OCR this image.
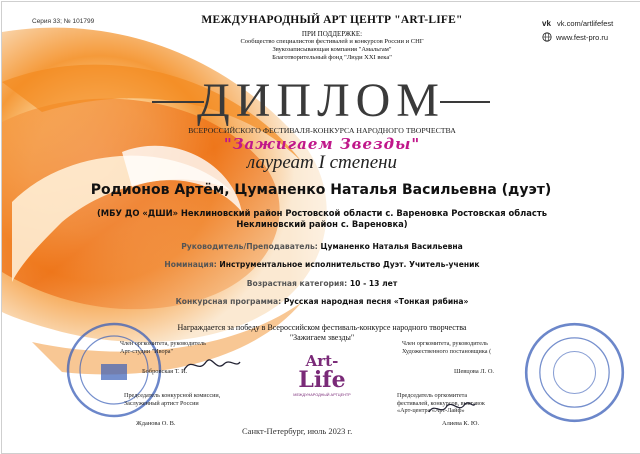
Серия 33; № 101799	МЕЖДУНАРОДНЫЙ АРТ ЦЕНТР "ART-LIFE"
ПРИ ПОДДЕРЖКЕ:
Сообщество специалистов фестивалей и конкурсов России и СНГ
Звукозаписывающая компания "Амальгам"
Благотворительный фонд "Люди XXI века"
vk vk.com/artlifefest
www.fest-pro.ru
ДИПЛОМ
ВСЕРОССИЙСКОГО ФЕСТИВАЛЯ-КОНКУРСА НАРОДНОГО ТВОРЧЕСТВА
"Зажигаем Звезды"
лауреат I степени
Родионов Артём, Цуманенко Наталья Васильевна (дуэт)
(МБУ ДО «ДШИ» Неклиновский район Ростовской области с. Вареновка Ростовская область Неклиновский район с. Вареновка)
Руководитель/Преподаватель: Цуманенко Наталья Васильевна
Номинация: Инструментальное исполнительство Дуэт. Учитель-ученик
Возрастная категория: 10 - 13 лет
Конкурсная программа: Русская народная песня «Тонкая рябина»
Награждается за победу в Всероссийском фестиваль-конкурсе народного творчества
"Зажигаем звезды"
Член оргкомитета, руководитель
Арт-студии "Ивора"
Бобровская Т. И.
Председатель конкурсной комиссии,
Заслуженный артист России
Жданова О. В.
Член оргкомитета, руководитель
Художественного постановщика (
Шевцова Л. О.
Председатель оргкомитета
фестивалей, конкурсов, выставок
«Арт-центра «Арт-Лайф»
Алиева К. Ю.
Art-
Life
МЕЖДУНАРОДНЫЙ АРТЦЕНТР
Санкт-Петербург, июль 2023 г.
